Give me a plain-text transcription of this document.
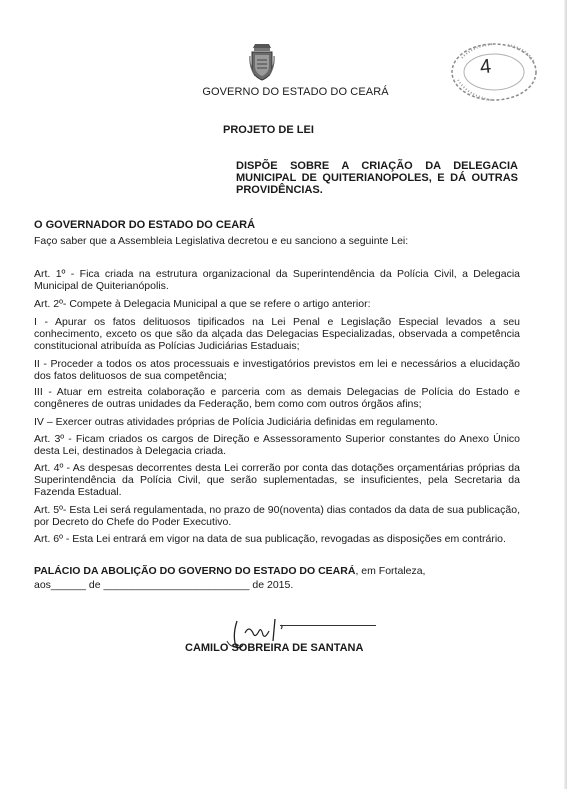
GOVERNO DO ESTADO DO CEARÁ
4
PROJETO DE LEI
DISPÕE SOBRE A CRIAÇÃO DA DELEGACIA MUNICIPAL DE QUITERIANOPOLES, E DÁ OUTRAS PROVIDÊNCIAS.
O GOVERNADOR DO ESTADO DO CEARÁ
Faço saber que a Assembleia Legislativa decretou e eu sanciono a seguinte Lei:

Art. 1º - Fica criada na estrutura organizacional da Superintendência da Polícia Civil, a Delegacia Municipal de Quiterianópolis.

Art. 2º- Compete à Delegacia Municipal a que se refere o artigo anterior:

I - Apurar os fatos delituosos tipificados na Lei Penal e Legislação Especial levados a seu conhecimento, exceto os que são da alçada das Delegacias Especializadas, observada a competência constitucional atribuída as Polícias Judiciárias Estaduais;

II - Proceder a todos os atos processuais e investigatórios previstos em lei e necessários a elucidação dos fatos delituosos de sua competência;

III - Atuar em estreita colaboração e parceria com as demais Delegacias de Polícia do Estado e congêneres de outras unidades da Federação, bem como com outros órgãos afins;

IV – Exercer outras atividades próprias de Polícia Judiciária definidas em regulamento.

Art. 3º - Ficam criados os cargos de Direção e Assessoramento Superior constantes do Anexo Único desta Lei, destinados à Delegacia criada.

Art. 4º - As despesas decorrentes desta Lei correrão por conta das dotações orçamentárias próprias da Superintendência da Polícia Civil, que serão suplementadas, se insuficientes, pela Secretaria da Fazenda Estadual.

Art. 5º- Esta Lei será regulamentada, no prazo de 90(noventa) dias contados da data de sua publicação, por Decreto do Chefe do Poder Executivo.

Art. 6º - Esta Lei entrará em vigor na data de sua publicação, revogadas as disposições em contrário.

PALÁCIO DA ABOLIÇÃO DO GOVERNO DO ESTADO DO CEARÁ, em Fortaleza,
aos______ de _________________________ de 2015.
CAMILO SOBREIRA DE SANTANA
